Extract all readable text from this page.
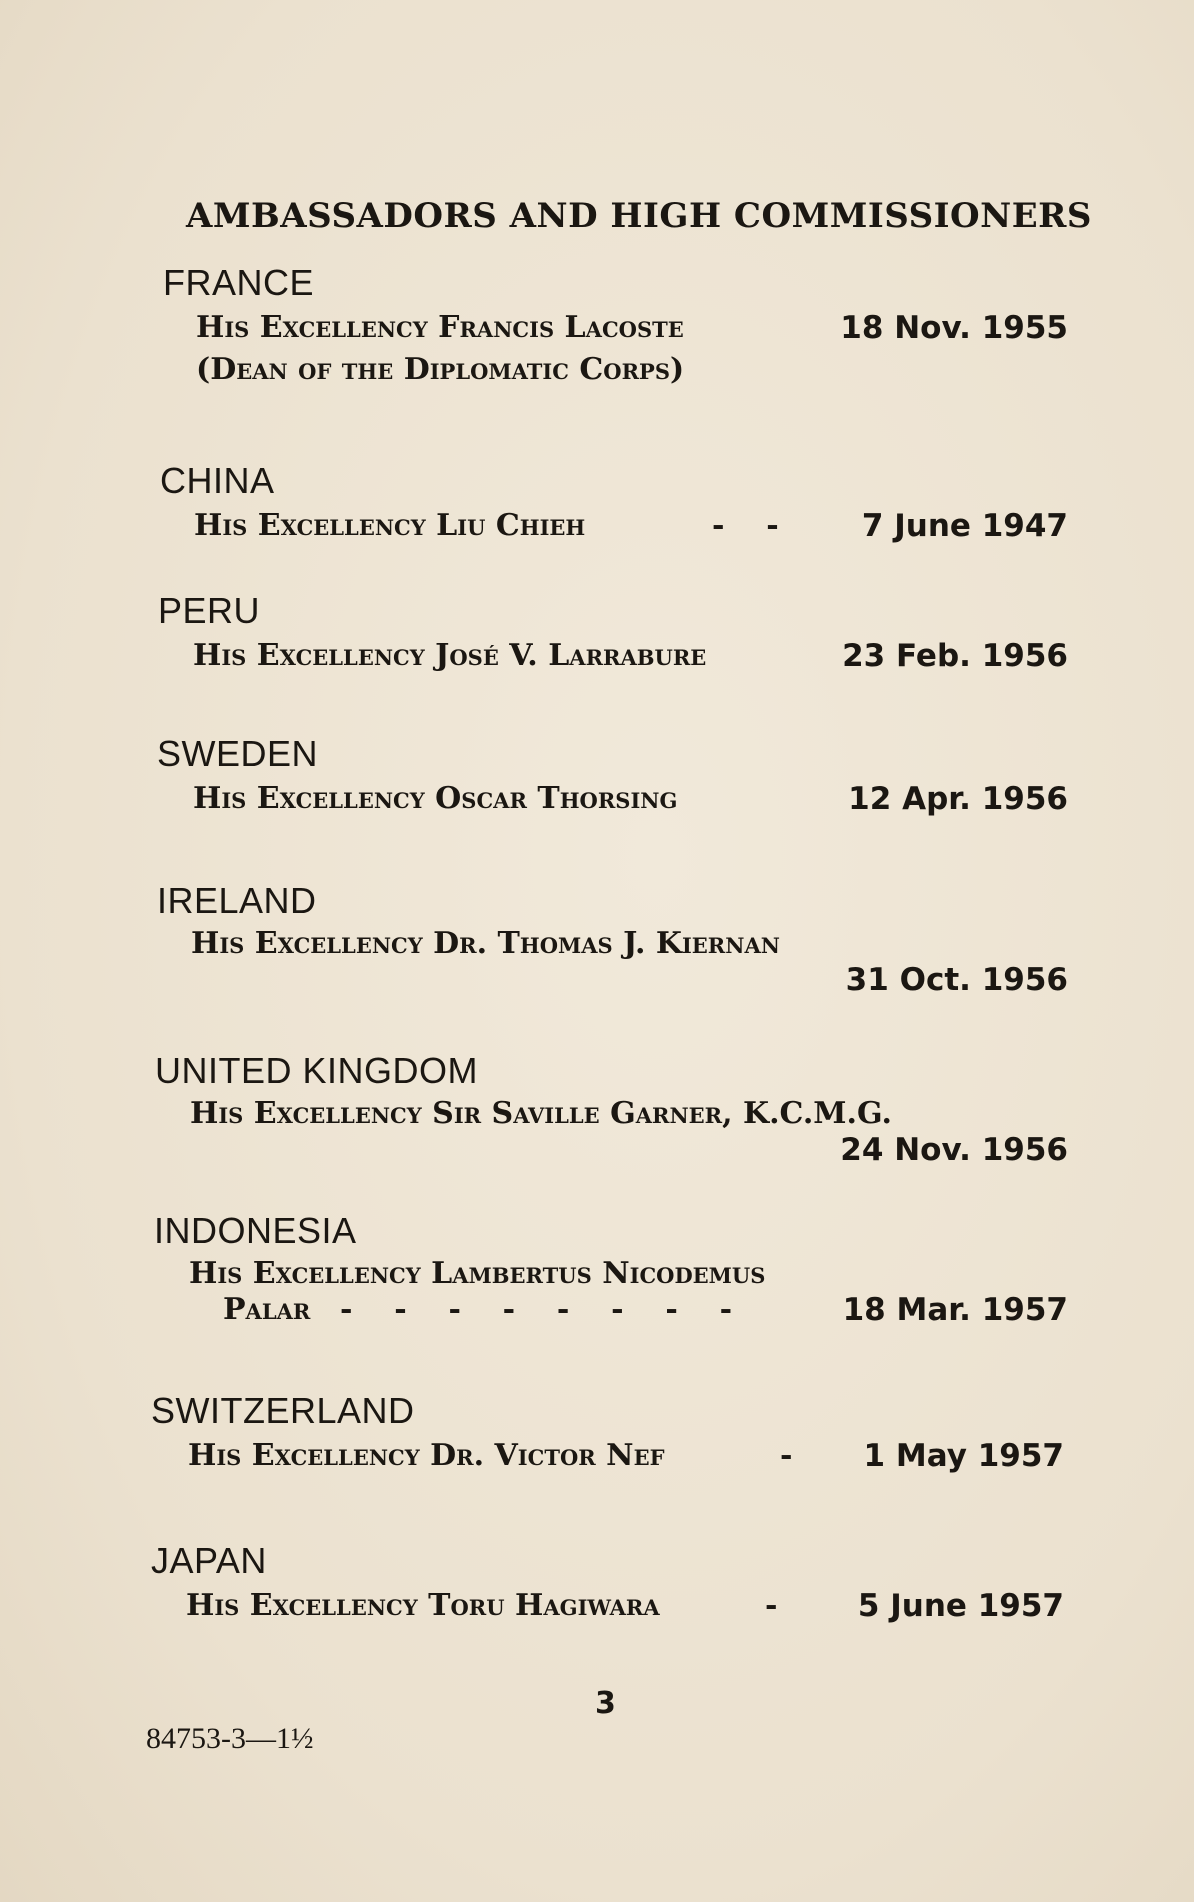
AMBASSADORS AND HIGH COMMISSIONERS
FRANCE
His Excellency Francis Lacoste
(Dean of the Diplomatic Corps)
18 Nov. 1955
CHINA
His Excellency Liu Chieh	-    -	7 June 1947
PERU
His Excellency José V. Larrabure	23 Feb. 1956
SWEDEN
His Excellency Oscar Thorsing	12 Apr. 1956
IRELAND
His Excellency Dr. Thomas J. Kiernan
31 Oct. 1956
UNITED KINGDOM
His Excellency Sir Saville Garner, K.C.M.G.
24 Nov. 1956
INDONESIA
His Excellency Lambertus Nicodemus
Palar -    -    -    -    -    -    -    -	18 Mar. 1957
SWITZERLAND
His Excellency Dr. Victor Nef	- 1 May 1957
JAPAN
His Excellency Toru Hagiwara	-	5 June 1957
3
84753-3—1½
